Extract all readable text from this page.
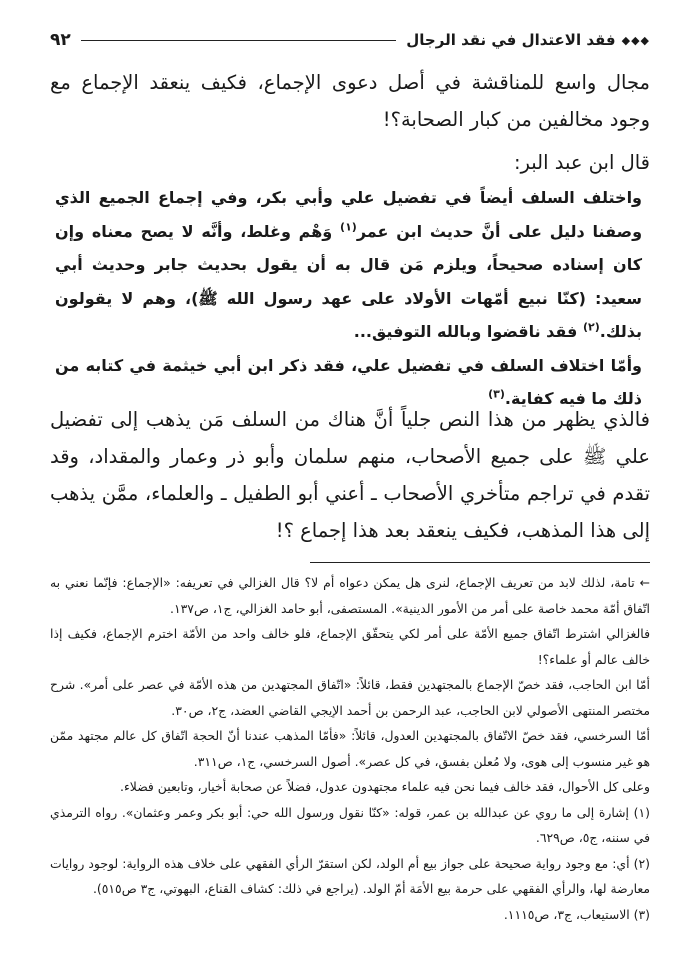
◆◆◆
فقد الاعتدال في نقد الرجال
٩٢

مجال واسع للمناقشة في أصل دعوى الإجماع، فكيف ينعقد الإجماع مع وجود مخالفين من كبار الصحابة؟!

قال ابن عبد البر:

واختلف السلف أيضاً في تفضيل علي وأبي بكر، وفي إجماع الجميع الذي وصفنا دليل على أنَّ حديث ابن عمر$^{(١)}$ وَهْم وغلط، وأنَّه لا يصح معناه وإن كان إسناده صحيحاً، ويلزم مَن قال به أن يقول بحديث جابر وحديث أبي سعيد: (كنّا نبيع أمّهات الأولاد على عهد رسول الله ﷺ)، وهم لا يقولون بذلك.$^{(٢)}$ فقد ناقضوا وبالله التوفيق...

وأمّا اختلاف السلف في تفضيل علي، فقد ذكر ابن أبي خيثمة في كتابه من ذلك ما فيه كفاية.$^{(٣)}$

فالذي يظهر من هذا النص جلياً أنَّ هناك من السلف مَن يذهب إلى تفضيل علي ﷺ على جميع الأصحاب، منهم سلمان وأبو ذر وعمار والمقداد، وقد تقدم في تراجم متأخري الأصحاب ـ أعني أبو الطفيل ـ والعلماء، ممَّن يذهب إلى هذا المذهب، فكيف ينعقد بعد هذا إجماع ؟!

← تامة، لذلك لابد من تعريف الإجماع، لنرى هل يمكن دعواه أم لا؟ قال الغزالي في تعريفه: «الإجماع: فإنّما نعني به اتّفاق أمّة محمد خاصة على أمر من الأمور الدينية». المستصفى، أبو حامد الغزالي، ج١، ص١٣٧.

فالغزالي اشترط اتّفاق جميع الأمّة على أمر لكي يتحقّق الإجماع، فلو خالف واحد من الأمّة اخترم الإجماع، فكيف إذا خالف عالم أو علماء؟!

أمّا ابن الحاجب، فقد خصّ الإجماع بالمجتهدين فقط، قائلاً: «اتّفاق المجتهدين من هذه الأمّة في عصر على أمر». شرح مختصر المنتهى الأصولي لابن الحاجب، عبد الرحمن بن أحمد الإيجي القاضي العضد، ج٢، ص٣٠.

أمّا السرخسي، فقد خصّ الاتّفاق بالمجتهدين العدول، قائلاً: «فأمّا المذهب عندنا أنّ الحجة اتّفاق كل عالم مجتهد ممّن هو غير منسوب إلى هوى، ولا مُعلن بفسق، في كل عصر». أصول السرخسي، ج١، ص٣١١.

وعلى كل الأحوال، فقد خالف فيما نحن فيه علماء مجتهدون عدول، فضلاً عن صحابة أخيار، وتابعين فضلاء.

(١) إشارة إلى ما روي عن عبدالله بن عمر، قوله: «كنّا نقول ورسول الله حي: أبو بكر وعمر وعثمان». رواه الترمذي في سننه، ج٥، ص٦٢٩.

(٢) أي: مع وجود رواية صحيحة على جواز بيع أم الولد، لكن استقرّ الرأي الفقهي على خلاف هذه الرواية: لوجود روايات معارضة لها، والرأي الفقهي على حرمة بيع الأمَة أمّ الولد. (يراجع في ذلك: كشاف القناع، البهوتي، ج٣ ص٥١٥).

(٣) الاستيعاب، ج٣، ص١١١٥.
